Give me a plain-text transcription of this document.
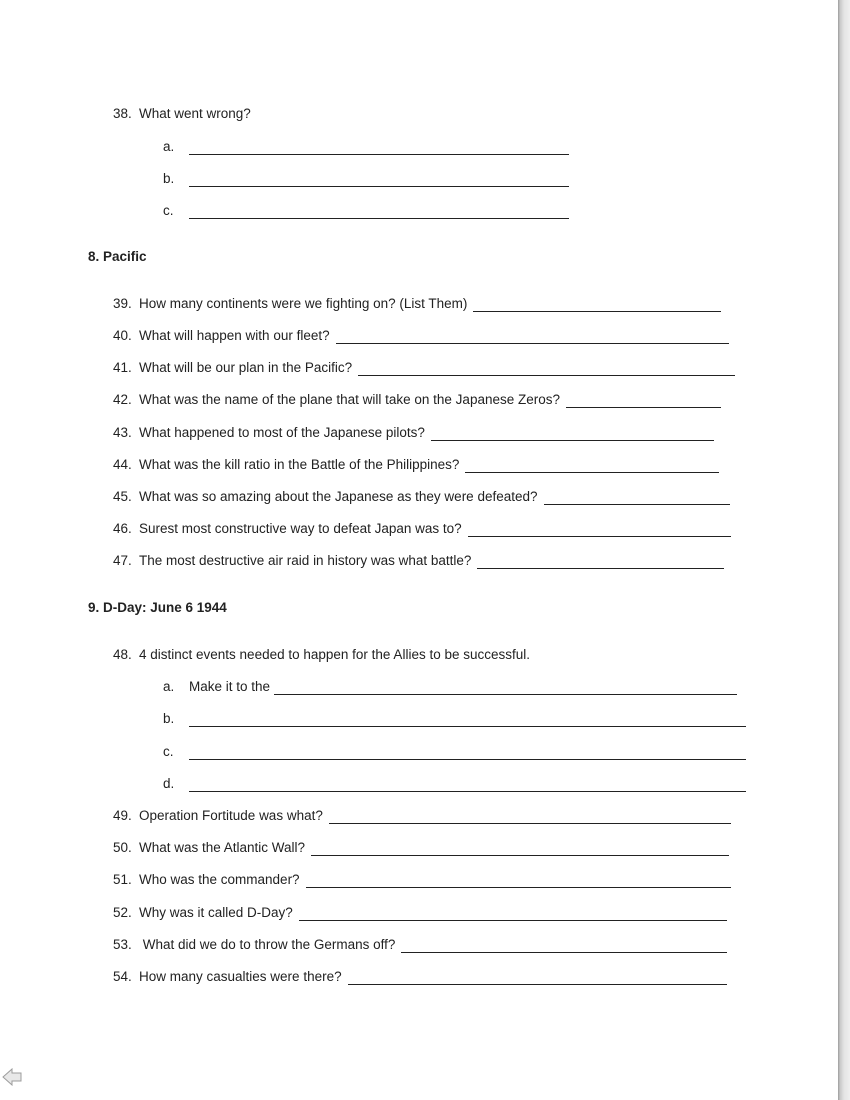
38. What went wrong?
a.
b.
c.
8. Pacific
39. How many continents were we fighting on? (List Them)
40. What will happen with our fleet?
41. What will be our plan in the Pacific?
42. What was the name of the plane that will take on the Japanese Zeros?
43. What happened to most of the Japanese pilots?
44. What was the kill ratio in the Battle of the Philippines?
45. What was so amazing about the Japanese as they were defeated?
46. Surest most constructive way to defeat Japan was to?
47. The most destructive air raid in history was what battle?
9. D-Day: June 6 1944
48. 4 distinct events needed to happen for the Allies to be successful.
a.	Make it to the
b.
c.
d.
49. Operation Fortitude was what?
50. What was the Atlantic Wall?
51. Who was the commander?
52. Why was it called D-Day?
53. What did we do to throw the Germans off?
54. How many casualties were there?
